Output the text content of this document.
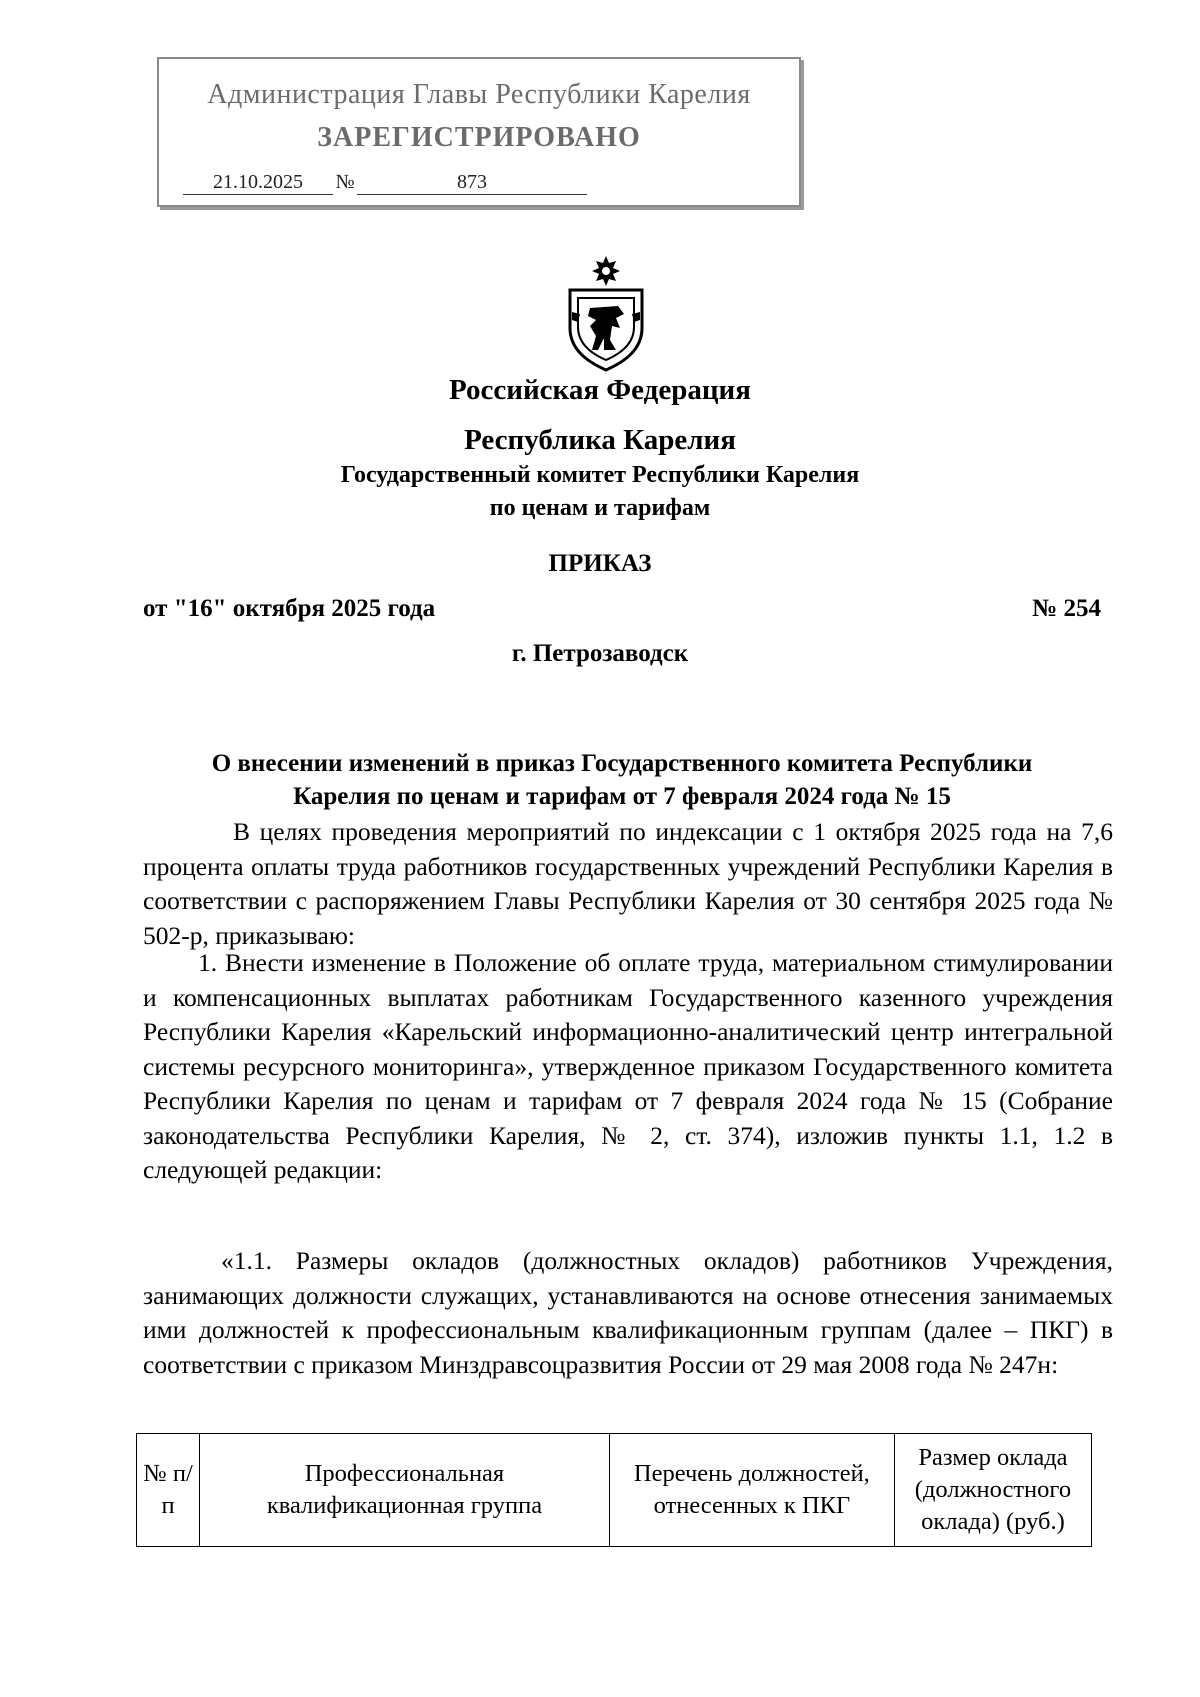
Администрация Главы Республики Карелия
ЗАРЕГИСТРИРОВАНО
21.10.2025 №	873
Российская Федерация
Республика Карелия
Государственный комитет Республики Карелия
по ценам и тарифам
ПРИКАЗ
от "16" октября 2025 года	№ 254
г. Петрозаводск
О внесении изменений в приказ Государственного комитета Республики
Карелия по ценам и тарифам от 7 февраля 2024 года № 15
В целях проведения мероприятий по индексации с 1 октября 2025 года на 7,6 процента оплаты труда работников государственных учреждений Республики Карелия в соответствии с распоряжением Главы Республики Карелия от 30 сентября 2025 года № 502-р, приказываю:
1. Внести изменение в Положение об оплате труда, материальном стимулировании и компенсационных выплатах работникам Государственного казенного учреждения Республики Карелия «Карельский информационно-аналитический центр интегральной системы ресурсного мониторинга», утвержденное приказом Государственного комитета Республики Карелия по ценам и тарифам от 7 февраля 2024 года № 15 (Собрание законодательства Республики Карелия, № 2, ст. 374), изложив пункты 1.1, 1.2 в следующей редакции:
«1.1. Размеры окладов (должностных окладов) работников Учреждения, занимающих должности служащих, устанавливаются на основе отнесения занимаемых ими должностей к профессиональным квалификационным группам (далее – ПКГ) в соответствии с приказом Минздравсоцразвития России от 29 мая 2008 года № 247н:
№ п/п	Профессиональная квалификационная группа	Перечень должностей, отнесенных к ПКГ	Размер оклада (должностного оклада) (руб.)
